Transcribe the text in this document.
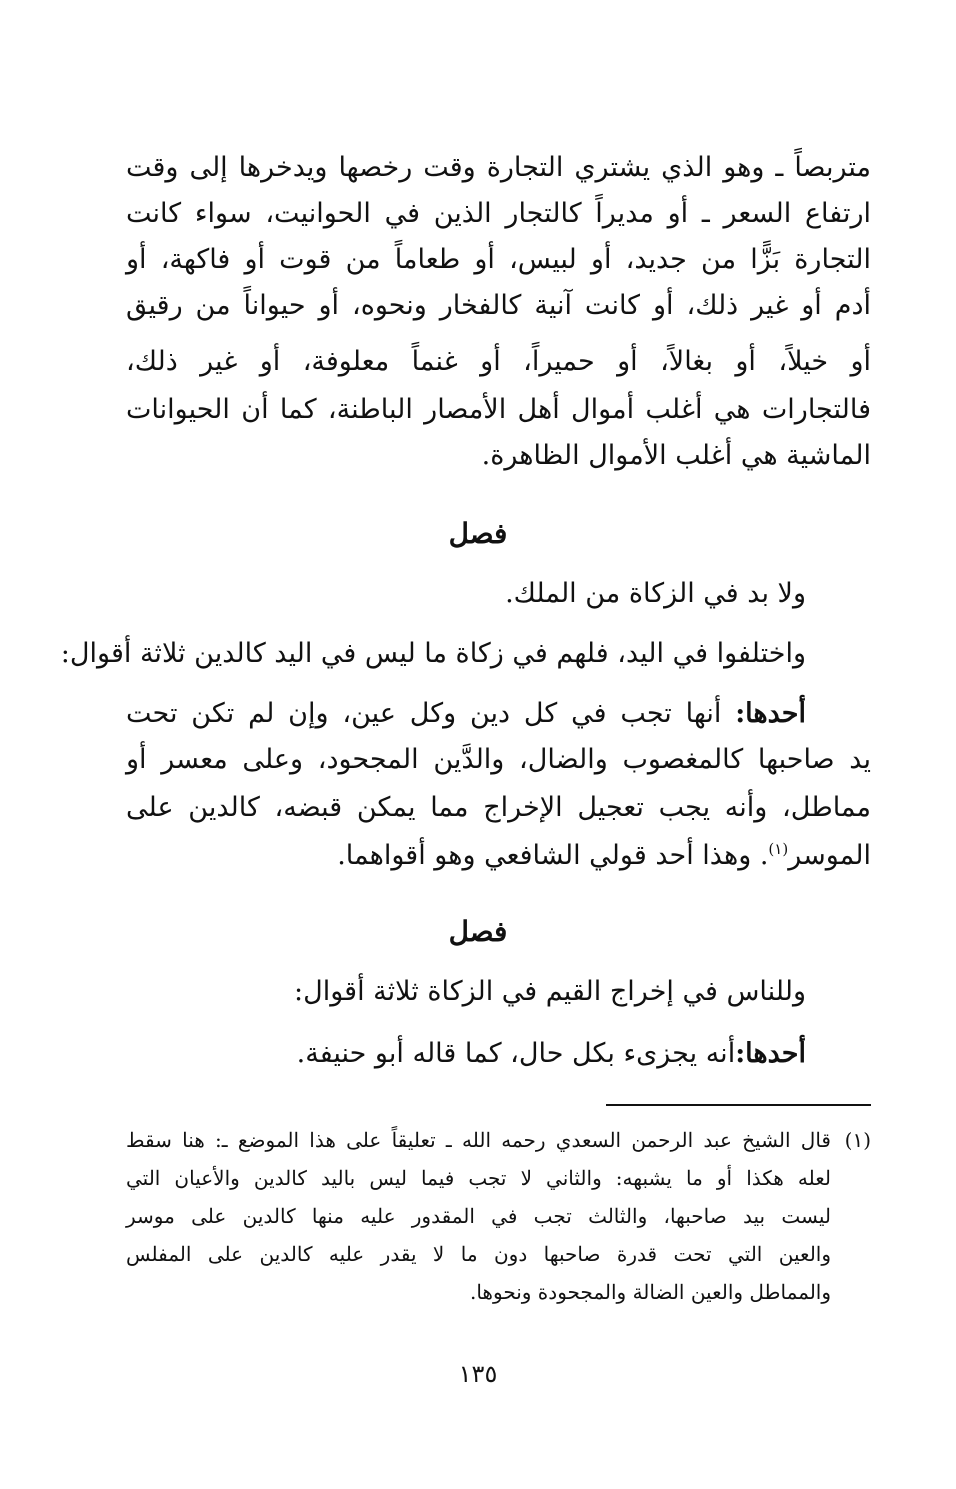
متربصاً ـ وهو الذي يشتري التجارة وقت رخصها ويدخرها إلى وقت

ارتفاع السعر ـ أو مديراً كالتجار الذين في الحوانيت، سواء كانت

التجارة بَزًّا من جديد، أو لبيس، أو طعاماً من قوت أو فاكهة، أو

أدم أو غير ذلك، أو كانت آنية كالفخار ونحوه، أو حيواناً من رقيق

أو خيلاً، أو بغالاً، أو حميراً، أو غنماً معلوفة، أو غير ذلك،

فالتجارات هي أغلب أموال أهل الأمصار الباطنة، كما أن الحيوانات

الماشية هي أغلب الأموال الظاهرة.

فصل

ولا بد في الزكاة من الملك.

واختلفوا في اليد، فلهم في زكاة ما ليس في اليد كالدين ثلاثة أقوال:

أحدها: أنها تجب في كل دين وكل عين، وإن لم تكن تحت

يد صاحبها كالمغصوب والضال، والدَّين المجحود، وعلى معسر أو

مماطل، وأنه يجب تعجيل الإخراج مما يمكن قبضه، كالدين على

الموسر$^{(١)}$. وهذا أحد قولي الشافعي وهو أقواهما.

فصل

وللناس في إخراج القيم في الزكاة ثلاثة أقوال:

أحدها:أنه يجزىء بكل حال، كما قاله أبو حنيفة.

(١)

قال الشيخ عبد الرحمن السعدي رحمه الله ـ تعليقاً على هذا الموضع ـ: هنا سقط

لعله هكذا أو ما يشبهه: والثاني لا تجب فيما ليس باليد كالدين والأعيان التي

ليست بيد صاحبها، والثالث تجب في المقدور عليه منها كالدين على موسر

والعين التي تحت قدرة صاحبها دون ما لا يقدر عليه كالدين على المفلس

والمماطل والعين الضالة والمجحودة ونحوها.

١٣٥
